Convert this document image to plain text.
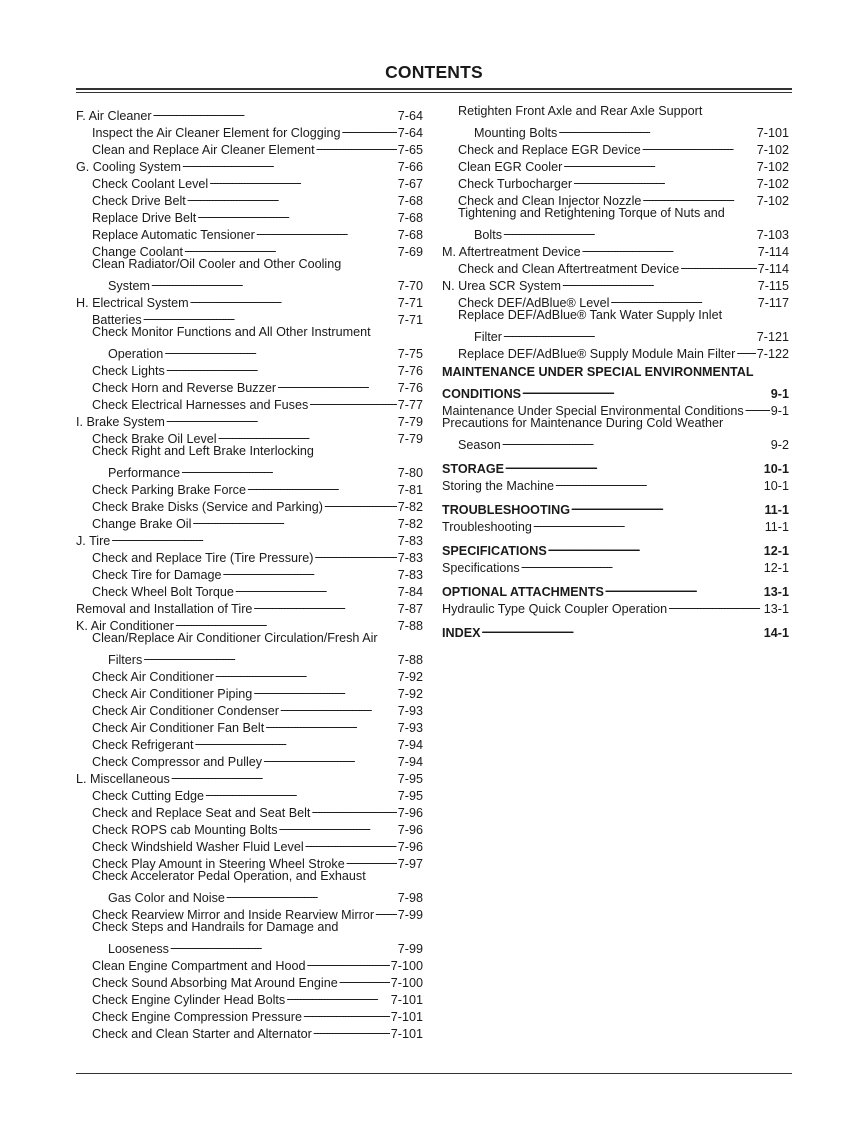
CONTENTS
F. Air Cleaner . . .	7-64
Inspect the Air Cleaner Element for Clogging . . .	7-64
Clean and Replace Air Cleaner Element . . .	7-65
G. Cooling System . . .	7-66
Check Coolant Level . . .	7-67
Check Drive Belt . . .	7-68
Replace Drive Belt . . .	7-68
Replace Automatic Tensioner . . .	7-68
Change Coolant . . .	7-69
Clean Radiator/Oil Cooler and Other Cooling
System . . .	7-70
H. Electrical System . . .	7-71
Batteries . . .	7-71
Check Monitor Functions and All Other Instrument
Operation . . .	7-75
Check Lights . . .	7-76
Check Horn and Reverse Buzzer . . .	7-76
Check Electrical Harnesses and Fuses . . .	7-77
I. Brake System . . .	7-79
Check Brake Oil Level . . .	7-79
Check Right and Left Brake Interlocking
Performance . . .	7-80
Check Parking Brake Force . . .	7-81
Check Brake Disks (Service and Parking) . . .	7-82
Change Brake Oil . . .	7-82
J. Tire . . .	7-83
Check and Replace Tire (Tire Pressure) . . .	7-83
Check Tire for Damage . . .	7-83
Check Wheel Bolt Torque . . .	7-84
Removal and Installation of Tire . . .	7-87
K. Air Conditioner . . .	7-88
Clean/Replace Air Conditioner Circulation/Fresh Air
Filters . . .	7-88
Check Air Conditioner . . .	7-92
Check Air Conditioner Piping . . .	7-92
Check Air Conditioner Condenser . . .	7-93
Check Air Conditioner Fan Belt . . .	7-93
Check Refrigerant . . .	7-94
Check Compressor and Pulley . . .	7-94
L. Miscellaneous . . .	7-95
Check Cutting Edge . . .	7-95
Check and Replace Seat and Seat Belt . . .	7-96
Check ROPS cab Mounting Bolts . . .	7-96
Check Windshield Washer Fluid Level . . .	7-96
Check Play Amount in Steering Wheel Stroke . . .	7-97
Check Accelerator Pedal Operation, and Exhaust
Gas Color and Noise . . .	7-98
Check Rearview Mirror and Inside Rearview Mirror . . . 7-99
Check Steps and Handrails for Damage and
Looseness . . .	7-99
Clean Engine Compartment and Hood . . .	7-100
Check Sound Absorbing Mat Around Engine . . .	7-100
Check Engine Cylinder Head Bolts . . .	7-101
Check Engine Compression Pressure . . .	7-101
Check and Clean Starter and Alternator . . .	7-101
Retighten Front Axle and Rear Axle Support
Mounting Bolts . . .	7-101
Check and Replace EGR Device . . .	7-102
Clean EGR Cooler . . .	7-102
Check Turbocharger . . .	7-102
Check and Clean Injector Nozzle . . .	7-102
Tightening and Retightening Torque of Nuts and
Bolts . . .	7-103
M. Aftertreatment Device . . .	7-114
Check and Clean Aftertreatment Device . . .	7-114
N. Urea SCR System . . .	7-115
Check DEF/AdBlue® Level . . .	7-117
Replace DEF/AdBlue® Tank Water Supply Inlet
Filter . . .	7-121
Replace DEF/AdBlue® Supply Module Main Filter . . . 7-122
MAINTENANCE UNDER SPECIAL ENVIRONMENTAL
CONDITIONS . . .	9-1
Maintenance Under Special Environmental Conditions . . . 9-1
Precautions for Maintenance During Cold Weather
Season . . .	9-2
STORAGE . . .	10-1
Storing the Machine . . .	10-1
TROUBLESHOOTING . . .	11-1
Troubleshooting . . .	11-1
SPECIFICATIONS . . .	12-1
Specifications . . .	12-1
OPTIONAL ATTACHMENTS . . .	13-1
Hydraulic Type Quick Coupler Operation . . .	13-1
INDEX . . .	14-1
